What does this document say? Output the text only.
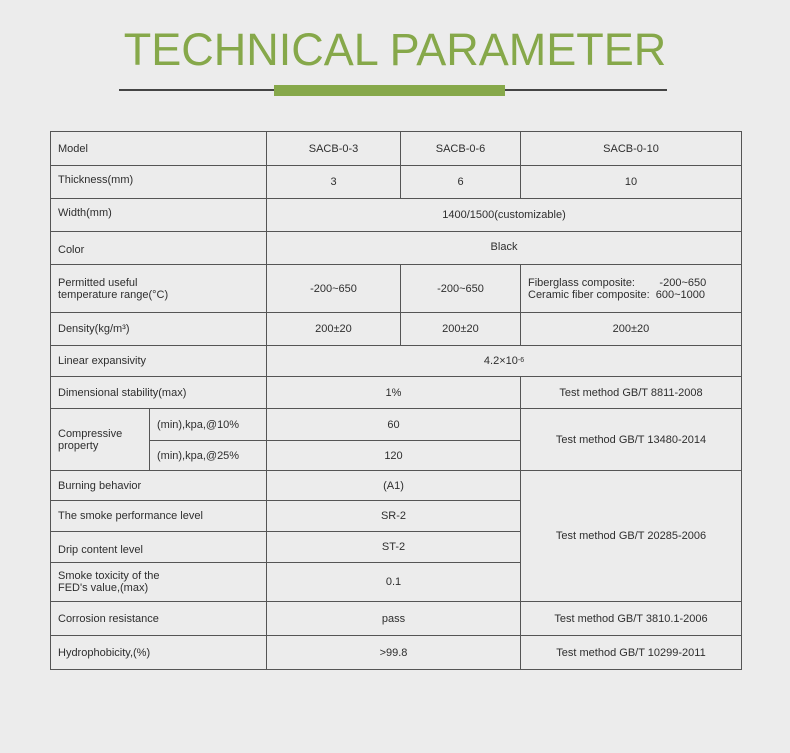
TECHNICAL PARAMETER
Model	SACB-0-3	SACB-0-6	SACB-0-10
Thickness(mm)	3	6	10
Width(mm)	1400/1500(customizable)
Color	Black
Permitted useful
temperature range(°C)	-200~650	-200~650	Fiberglass composite:        -200~650
Ceramic fiber composite:  600~1000
Density(kg/m³)	200±20	200±20	200±20
Linear expansivity	4.2×10 -6
Dimensional stability(max)	1%	Test method GB/T 8811-2008
Compressive
property
(min),kpa,@10%	60
(min),kpa,@25%	120
Test method GB/T 13480-2014
Burning behavior	(A1)
The smoke performance level	SR-2
Drip content level	ST-2
Smoke toxicity of the
FED's value,(max)	0.1
Test method GB/T 20285-2006
Corrosion resistance	pass	Test method GB/T 3810.1-2006
Hydrophobicity,(%)	>99.8	Test method GB/T 10299-2011
